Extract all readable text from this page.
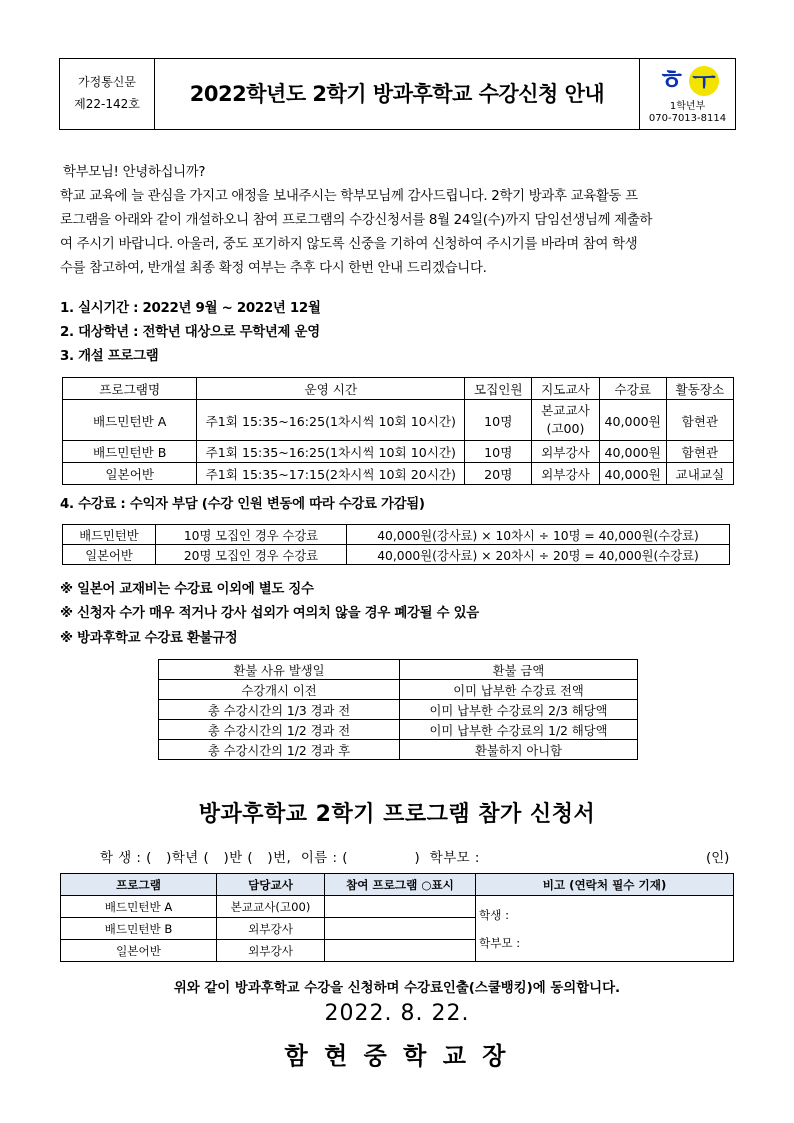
가정통신문
제22-142호	2022학년도 2학기 방과후학교 수강신청 안내	ㅎ ㅜ
1학년부
070-7013-8114
학부모님! 안녕하십니까?
학교 교육에 늘 관심을 가지고 애정을 보내주시는 학부모님께 감사드립니다. 2학기 방과후 교육활동 프
로그램을 아래와 같이 개설하오니 참여 프로그램의 수강신청서를 8월 24일(수)까지 담임선생님께 제출하
여 주시기 바랍니다. 아울러, 중도 포기하지 않도록 신중을 기하여 신청하여 주시기를 바라며 참여 학생
수를 참고하여, 반개설 최종 확정 여부는 추후 다시 한번 안내 드리겠습니다.
1. 실시기간 : 2022년 9월 ~ 2022년 12월
2. 대상학년 : 전학년 대상으로 무학년제 운영
3. 개설 프로그램
프로그램명	운영 시간	모집인원	지도교사	수강료	활동장소
배드민턴반 A	주1회 15:35~16:25(1차시씩 10회 10시간)	10명	본교교사
(고00)	40,000원	함현관
배드민턴반 B	주1회 15:35~16:25(1차시씩 10회 10시간)	10명	외부강사	40,000원	함현관
일본어반	주1회 15:35~17:15(2차시씩 10회 20시간)	20명	외부강사	40,000원	교내교실
4. 수강료 : 수익자 부담 (수강 인원 변동에 따라 수강료 가감됨)
배드민턴반	10명 모집인 경우 수강료	40,000원(강사료) × 10차시 ÷ 10명 = 40,000원(수강료)
일본어반	20명 모집인 경우 수강료	40,000원(강사료) × 20차시 ÷ 20명 = 40,000원(수강료)
※ 일본어 교재비는 수강료 이외에 별도 징수
※ 신청자 수가 매우 적거나 강사 섭외가 여의치 않을 경우 폐강될 수 있음
※ 방과후학교 수강료 환불규정
환불 사유 발생일	환불 금액
수강개시 이전	이미 납부한 수강료 전액
총 수강시간의 1/3 경과 전	이미 납부한 수강료의 2/3 해당액
총 수강시간의 1/2 경과 전	이미 납부한 수강료의 1/2 해당액
총 수강시간의 1/2 경과 후	환불하지 아니함
방과후학교 2학기 프로그램 참가 신청서
학 생 : (   )학년 (   )반 (   )번,  이름 : (              )  학부모 :	(인)
프로그램	담당교사	참여 프로그램 ○표시	비고 (연락처 필수 기재)
배드민턴반 A	본교교사(고00)		학생 :
학부모 :

배드민턴반 B	외부강사		
일본어반	외부강사		
위와 같이 방과후학교 수강을 신청하며 수강료인출(스쿨뱅킹)에 동의합니다.
2022. 8. 22.
함 현 중 학 교 장
